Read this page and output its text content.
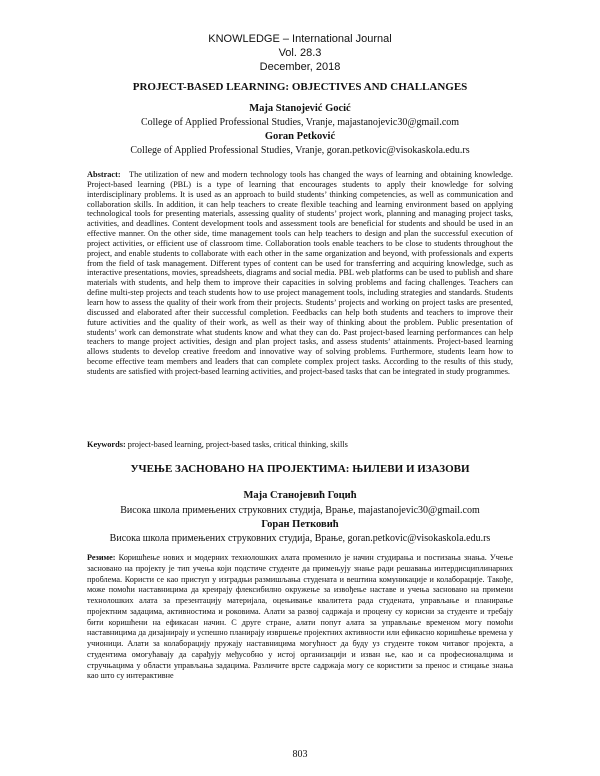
KNOWLEDGE – International Journal
Vol. 28.3
December, 2018
PROJECT-BASED LEARNING: OBJECTIVES AND CHALLANGES
Maja Stanojević Gocić
College of Applied Professional Studies, Vranje, majastanojevic30@gmail.com
Goran Petković
College of Applied Professional Studies, Vranje, goran.petkovic@visokaskola.edu.rs
Abstract: The utilization of new and modern technology tools has changed the ways of learning and obtaining knowledge. Project-based learning (PBL) is a type of learning that encourages students to apply their knowledge for solving interdisciplinary problems. It is used as an approach to build students’ thinking competencies, as well as communication and collaboration skills. In addition, it can help teachers to create flexible teaching and learning environment based on applying technological tools for presenting materials, assessing quality of students’ project work, planning and managing project tasks, activities, and deadlines. Content development tools and assessment tools are beneficial for students and should be used in an effective manner. On the other side, time management tools can help teachers to design and plan the successful execution of project activities, or efficient use of classroom time. Collaboration tools enable teachers to be close to students throughout the project, and enable students to collaborate with each other in the same organization and beyond, with professionals and experts from the field of task management. Different types of content can be used for transferring and acquiring knowledge, such as interactive presentations, movies, spreadsheets, diagrams and social media. PBL web platforms can be used to publish and share materials with students, and help them to improve their capacities in solving problems and facing challenges. Teachers can define multi-step projects and teach students how to use project management tools, including strategies and standards. Students learn how to assess the quality of their work from their projects. Students’ projects and working on project tasks are presented, discussed and elaborated after their successful completion. Feedbacks can help both students and teachers to improve their future activities and the quality of their work, as well as their way of thinking about the problem. Public presentation of students’ work can demonstrate what students know and what they can do. Past project-based learning performances can help teachers to mange project activities, design and plan project tasks, and assess students’ attainments. Project-based learning allows students to develop creative freedom and innovative way of solving problems. Furthermore, students learn how to become effective team members and leaders that can complete complex project tasks. According to the results of this study, students are satisfied with project-based learning activities, and project-based tasks that can be integrated in study programmes.
Keywords: project-based learning, project-based tasks, critical thinking, skills
УЧЕЊЕ ЗАСНОВАНО НА ПРОЈЕКТИМА: ЊИЛЕВИ И ИЗАЗОВИ
Маја Станојевић Гоцић
Висока школа примењених струковних студија, Врање, majastanojevic30@gmail.com
Горан Петковић
Висока школа примењених струковних студија, Врање, goran.petkovic@visokaskola.edu.rs
Резиме: Коришћење нових и модерних технолошких алата променило је начин студирања и постизања знања. Учење засновано на пројекту је тип учења који подстиче студенте да примењују знање ради решавања интердисциплинарних проблема. Користи се као приступ у изградњи размишљања студената и вештина комуникације и колаборације. Такође, може помоћи наставницима да креирају флексибилно окружење за извођење наставе и учења засновано на примени технолошких алата за презентацију материјала, оцењивање квалитета рада студената, управљање и планирање пројектним задацима, активностима и роковима. Алати за развој садржаја и процену су корисни за студенте и требају бити коришћени на ефикасан начин. С друге стране, алати попут алата за управљање временом могу помоћи наставницима да дизајнирају и успешно планирају извршење пројектних активности или ефикасно коришћење времена у учионици. Алати за колаборацију пружају наставницима могућност да буду уз студенте током читавог пројекта, а студентима омогућавају да сарађују међусобно у истој организацији и изван ње, као и са професионалцима и стручњацима у области управљања задацима. Различите врсте садржаја могу се користити за пренос и стицање знања као што су интерактивне
803
